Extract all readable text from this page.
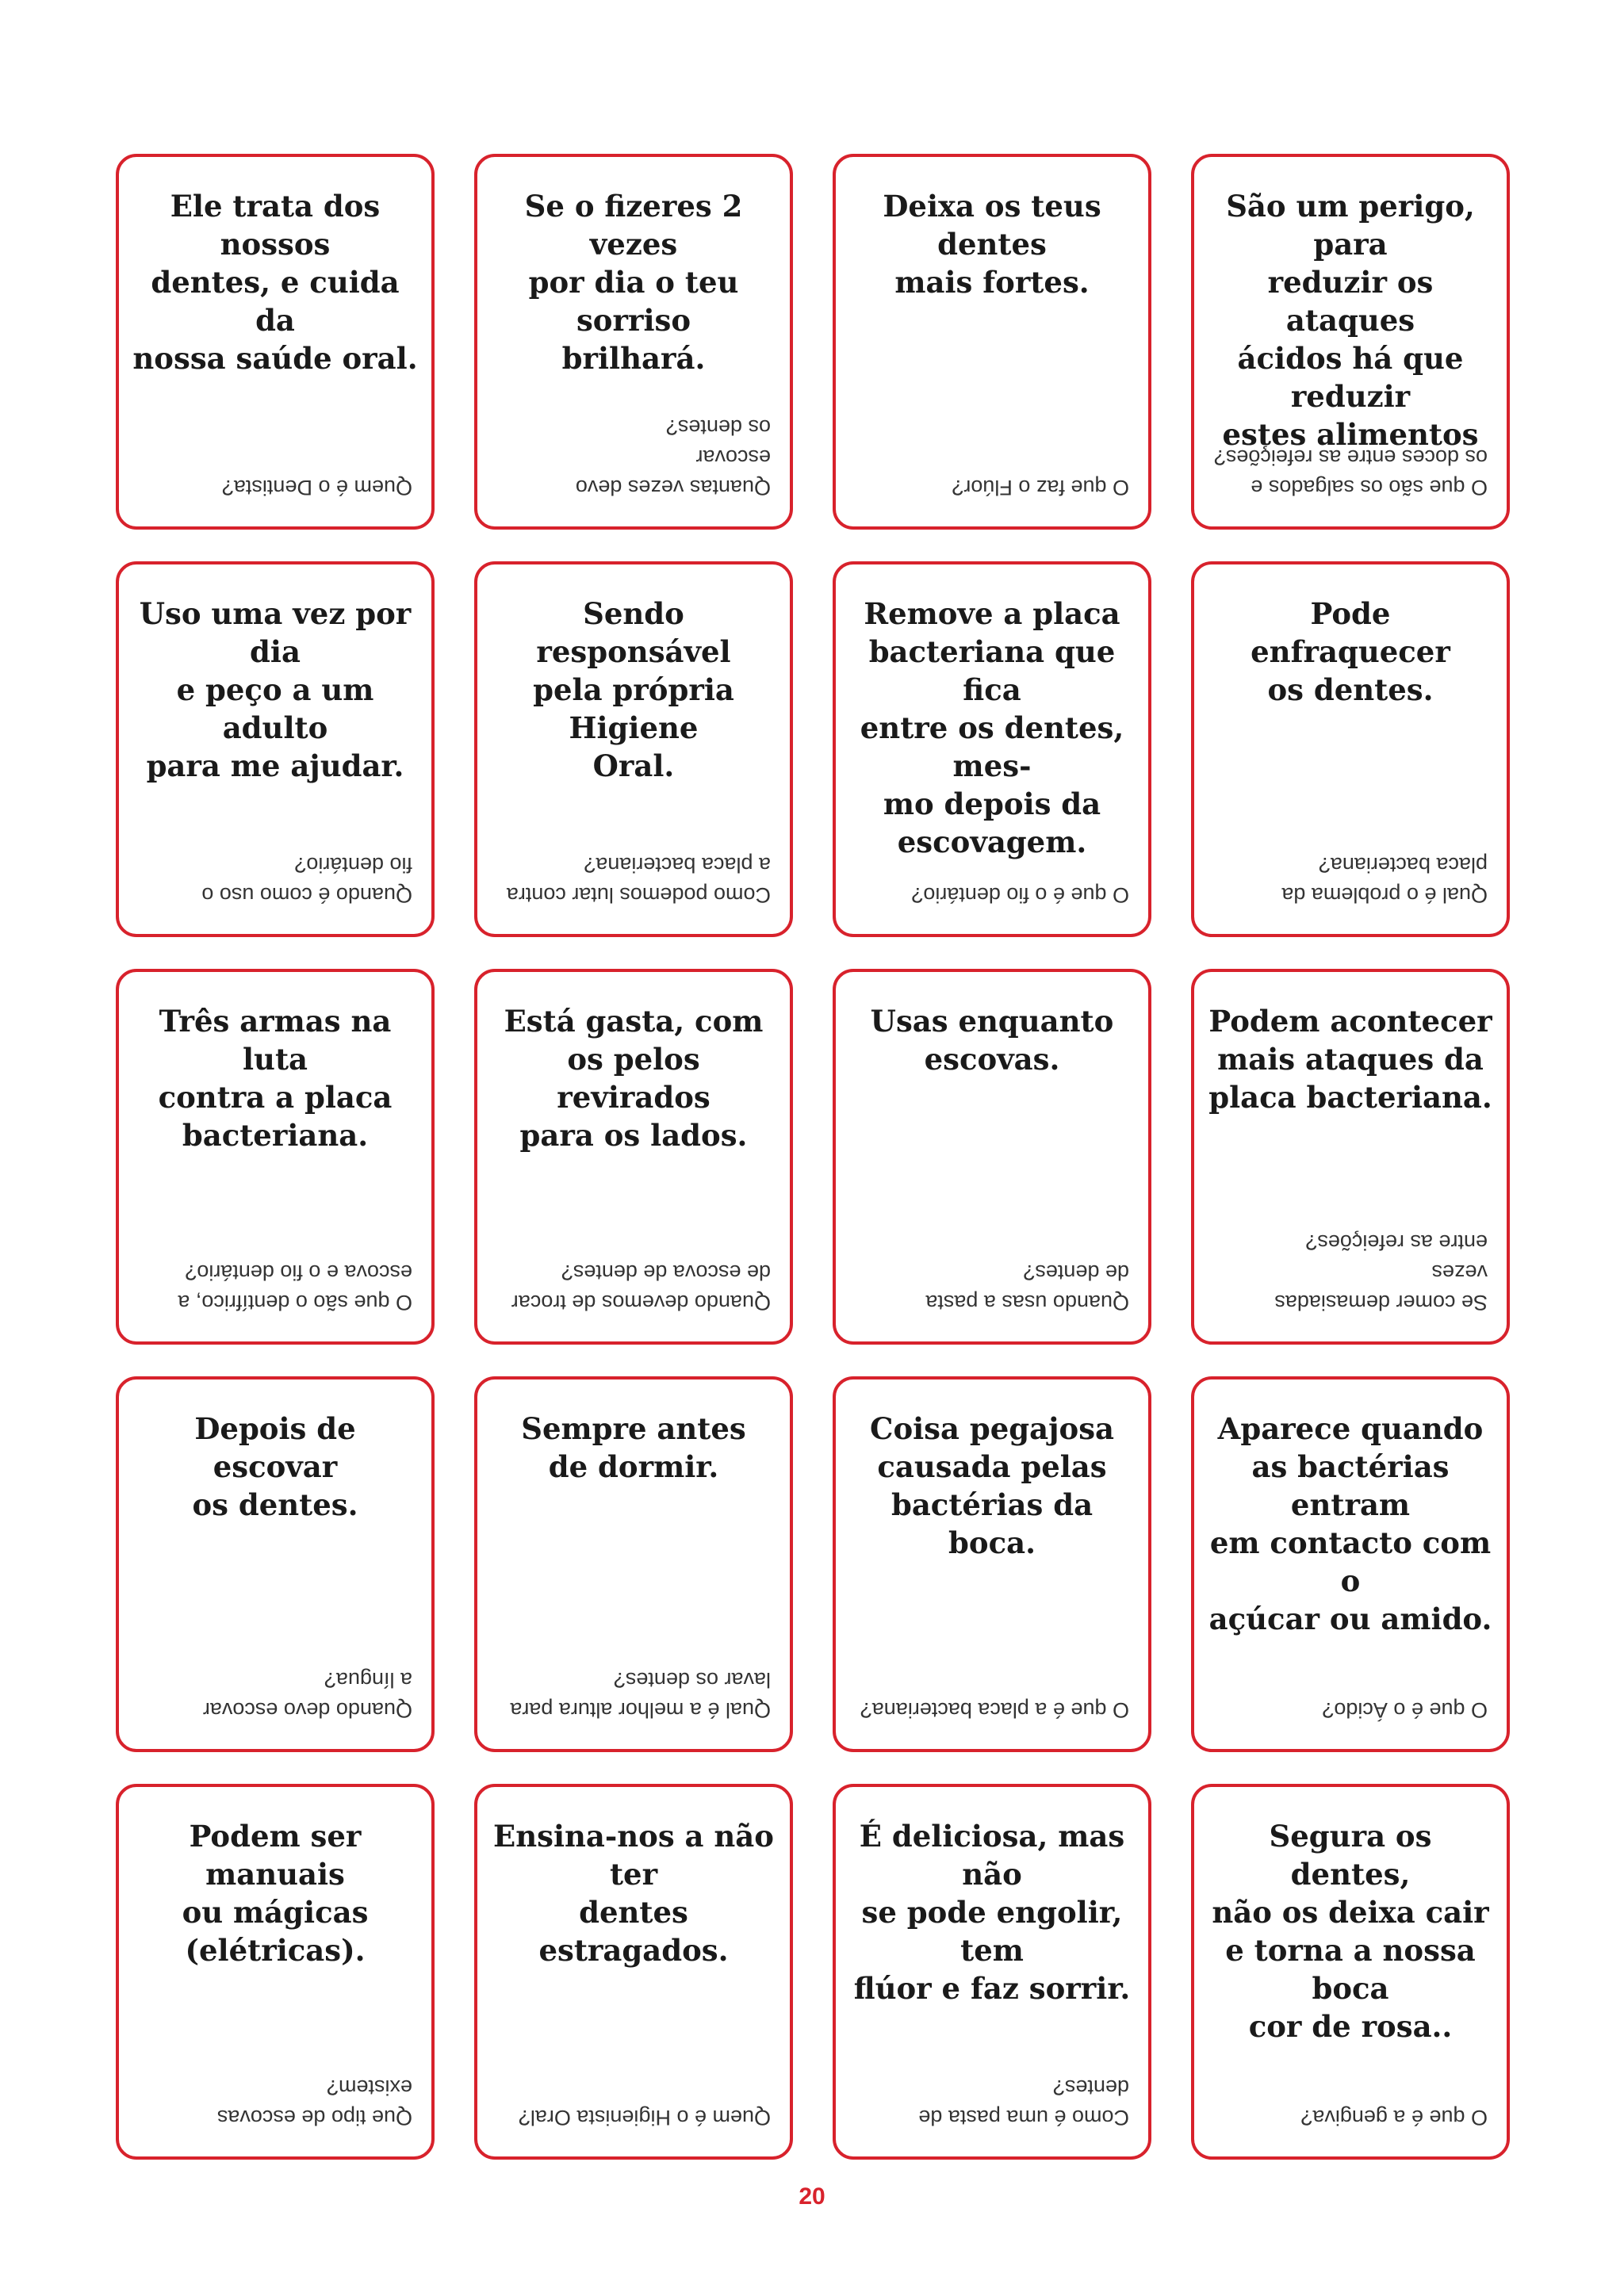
Ele trata dos nossos
dentes, e cuida da
nossa saúde oral.
Quem é o Dentista?
Se o fizeres 2 vezes
por dia o teu sorriso
brilhará.
Quantas vezes devo escovar
os dentes?
Deixa os teus dentes
mais fortes.
O que faz o Flúor?
São um perigo, para
reduzir os ataques
ácidos há que reduzir
estes alimentos
O que são os salgados e
os doces entre as refeições?
Uso uma vez por dia
e peço a um adulto
para me ajudar.
Quando é como uso o
fio dentário?
Sendo responsável
pela própria Higiene
Oral.
Como podemos lutar contra
a placa bacteriana?
Remove a placa
bacteriana que fica
entre os dentes, mes-
mo depois da
escovagem.
O que é o fio dentário?
Pode
enfraquecer
os dentes.
Qual é o problema da
placa bacteriana?
Três armas na luta
contra a placa
bacteriana.
O que são o dentífrico, a
escova e o fio dentário?
Está gasta, com
os pelos revirados
para os lados.
Quando devemos de trocar
de escova de dentes?
Usas enquanto
escovas.
Quando usas a pasta
de dentes?
Podem acontecer
mais ataques da
placa bacteriana.
Se comer demasiadas vezes
entre as refeições?
Depois de escovar
os dentes.
Quando devo escovar
a língua?
Sempre antes
de dormir.
Qual é a melhor altura para
lavar os dentes?
Coisa pegajosa
causada pelas
bactérias da boca.
O que é a placa bacteriana?
Aparece quando
as bactérias entram
em contacto com o
açúcar ou amido.
O que é o Ácido?
Podem ser manuais
ou mágicas
(elétricas).
Que tipo de escovas existem?
Ensina-nos a não ter
dentes estragados.
Quem é o Higienista Oral?
É deliciosa, mas não
se pode engolir, tem
flúor e faz sorrir.
Como é uma pasta de dentes?
Segura os dentes,
não os deixa cair
e torna a nossa boca
cor de rosa..
O que é a gengiva?
20
